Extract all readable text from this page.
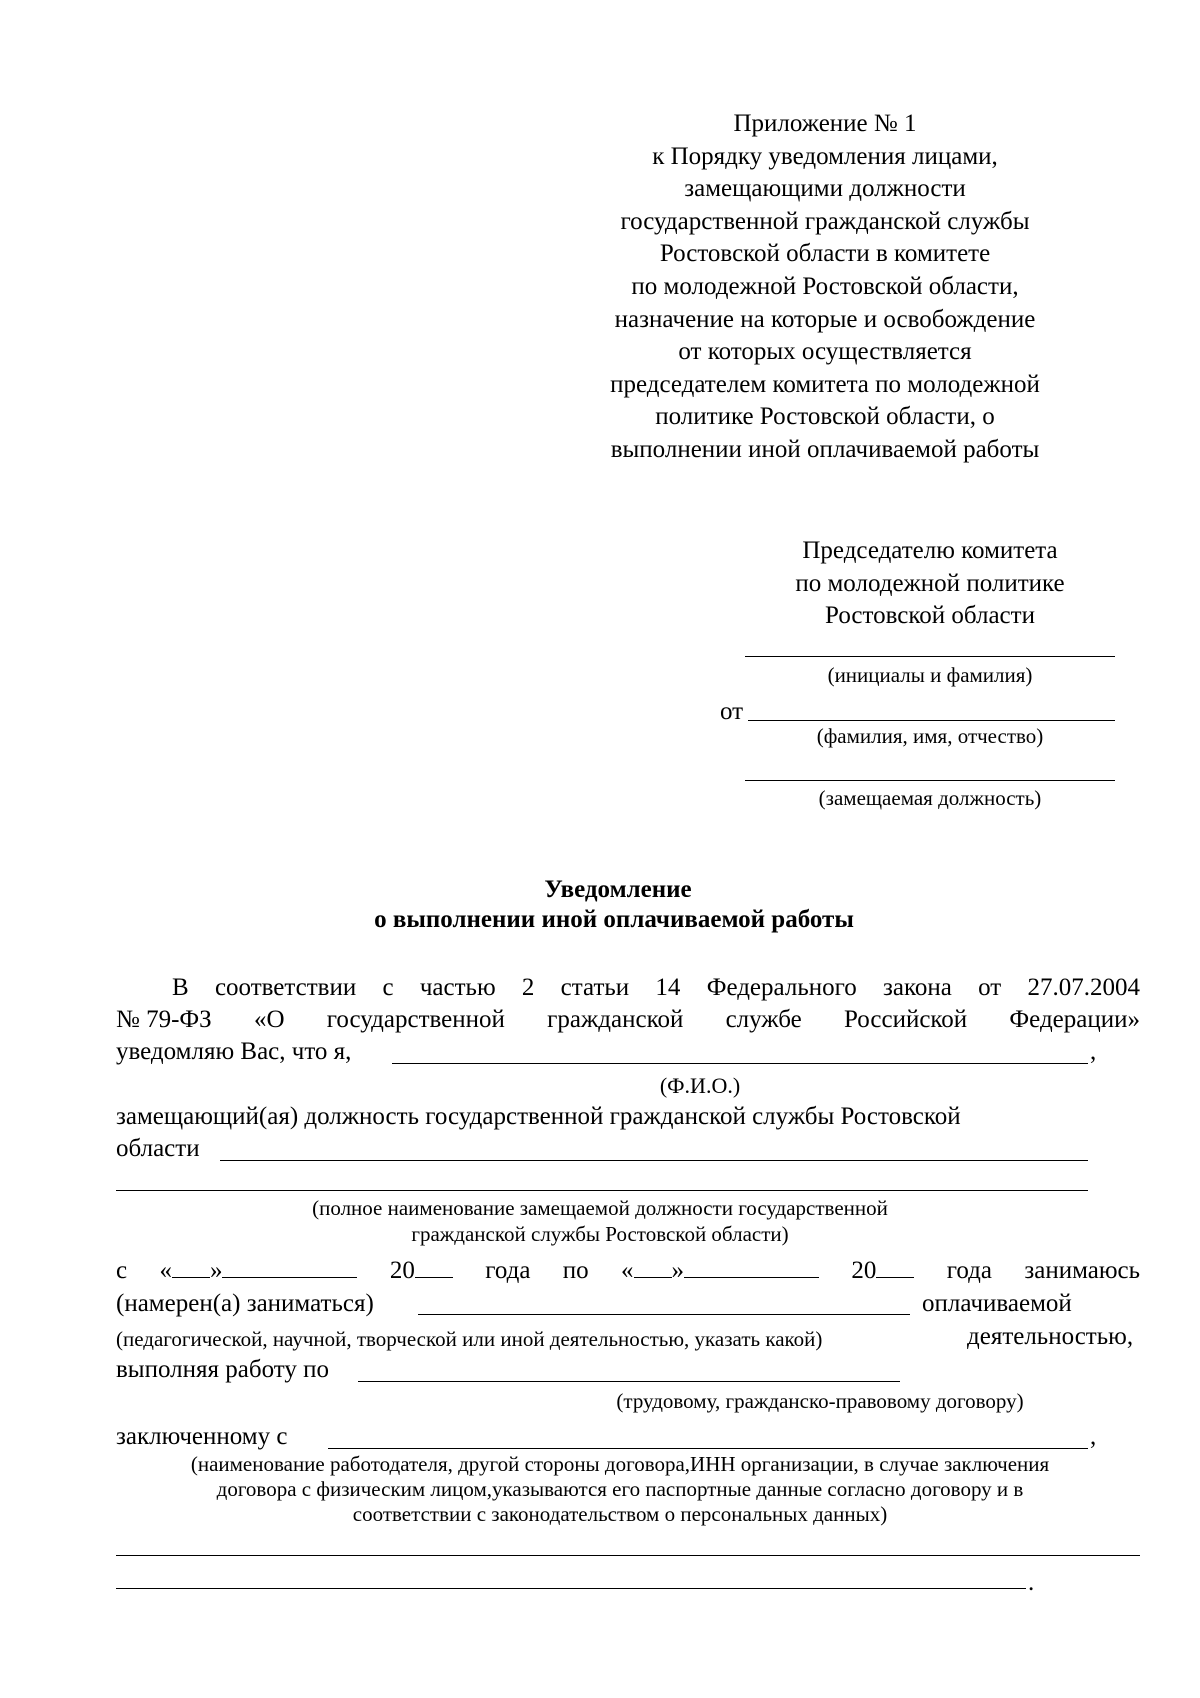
Приложение № 1
к Порядку уведомления лицами,
замещающими должности
государственной гражданской службы
Ростовской области в комитете
по молодежной Ростовской области,
назначение на которые и освобождение
от которых осуществляется
председателем комитета по молодежной
политике Ростовской области, о
выполнении иной оплачиваемой работы
Председателю комитета
по молодежной политике
Ростовской области
(инициалы и фамилия)
от
(фамилия, имя, отчество)
(замещаемая должность)
Уведомление
о выполнении иной оплачиваемой работы
В соответствии с частью 2 статьи 14 Федерального закона от 27.07.2004
№ 79-ФЗ «О государственной гражданской службе Российской Федерации»
уведомляю Вас, что я,	,
(Ф.И.О.)
замещающий(ая) должность государственной гражданской службы Ростовской
области
(полное наименование замещаемой должности государственной
гражданской службы Ростовской области)
с « »	20	года по « »	20	года занимаюсь
(намерен(а) заниматься)	оплачиваемой
(педагогической, научной, творческой или иной деятельностью, указать какой)	деятельностью,
выполняя работу по
(трудовому, гражданско-правовому договору)
заключенному с	,
(наименование работодателя, другой стороны договора,ИНН организации, в случае заключения
договора с физическим лицом,указываются его паспортные данные согласно договору и в
соответствии с законодательством о персональных данных)
.
